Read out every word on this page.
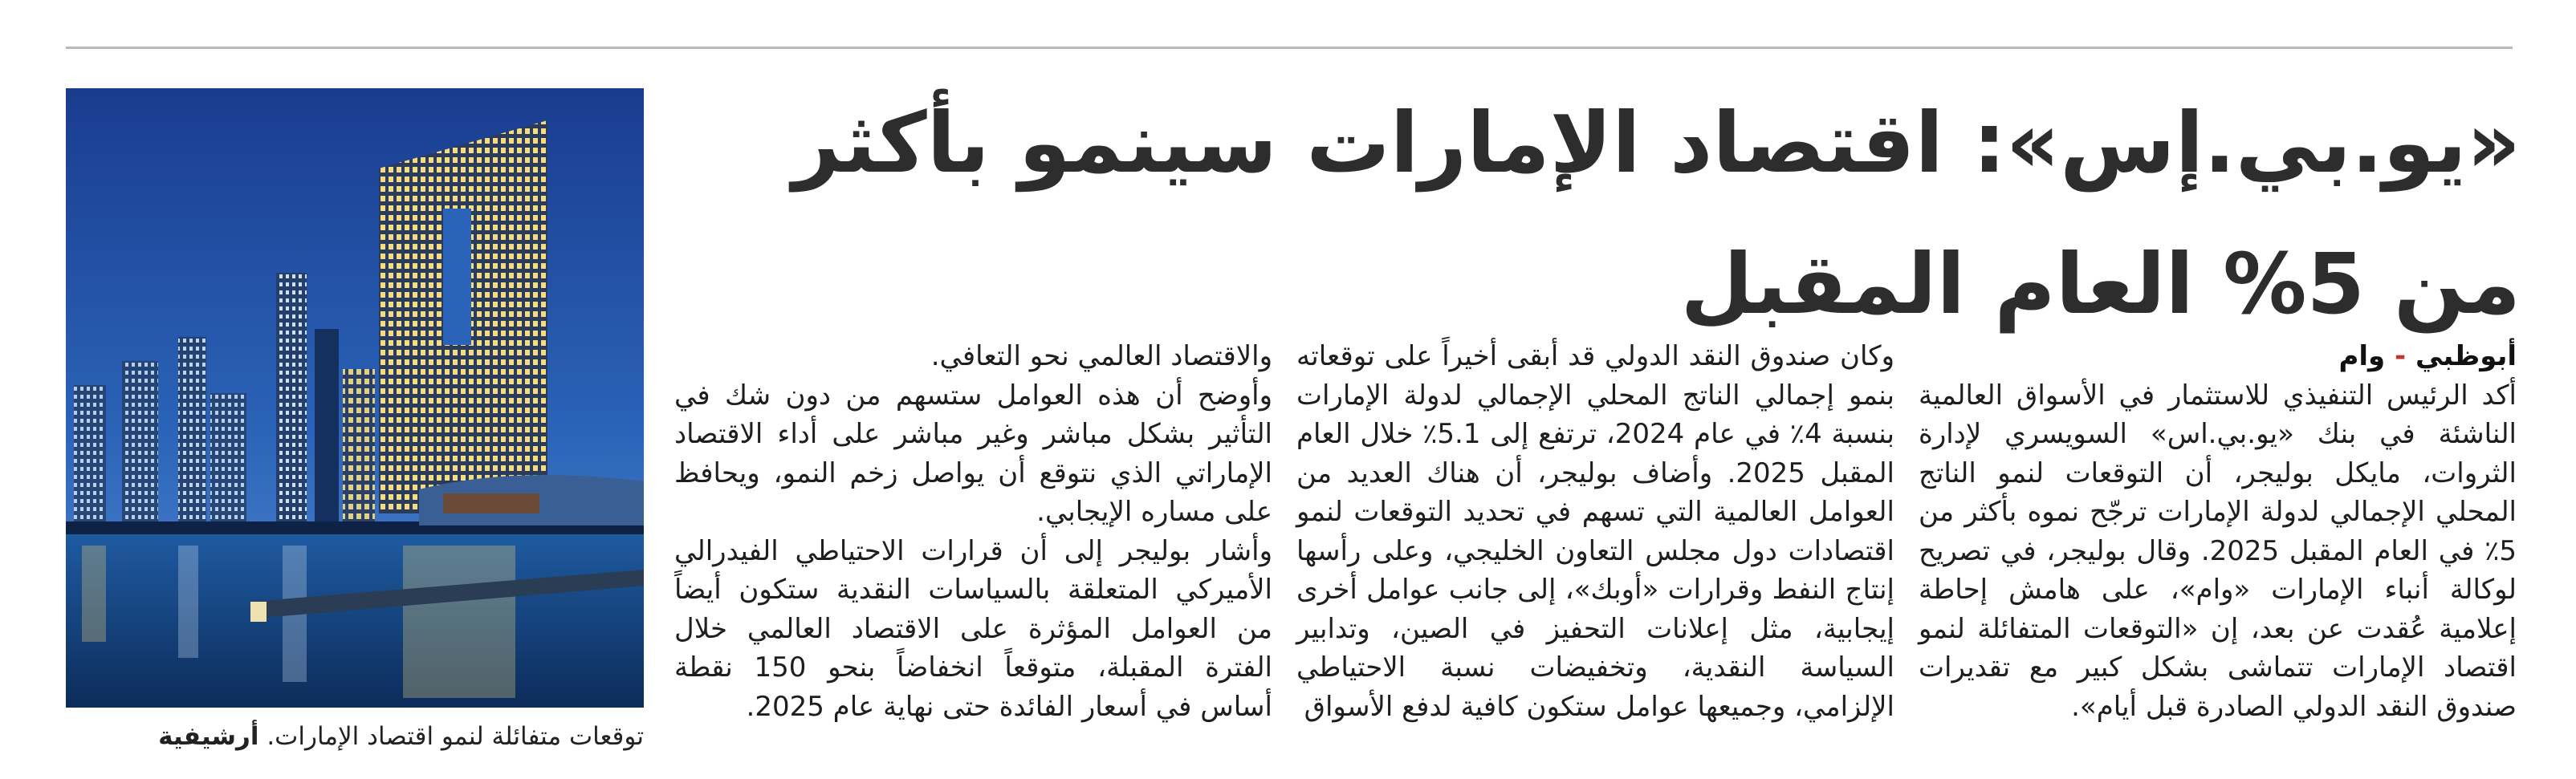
«يو.بي.إس»: اقتصاد الإمارات سينمو بأكثر
من 5% العام المقبل
أبوظبي - وام

أكد الرئيس التنفيذي للاستثمار في الأسواق العالمية الناشئة في بنك «يو.بي.اس» السويسري لإدارة الثروات، مايكل بوليجر، أن التوقعات لنمو الناتج المحلي الإجمالي لدولة الإمارات ترجّح نموه بأكثر من 5٪ في العام المقبل 2025. وقال بوليجر، في تصريح لوكالة أنباء الإمارات «وام»، على هامش إحاطة إعلامية عُقدت عن بعد، إن «التوقعات المتفائلة لنمو اقتصاد الإمارات تتماشى بشكل كبير مع تقديرات صندوق النقد الدولي الصادرة قبل أيام».

وكان صندوق النقد الدولي قد أبقى أخيراً على توقعاته بنمو إجمالي الناتج المحلي الإجمالي لدولة الإمارات بنسبة 4٪ في عام 2024، ترتفع إلى 5.1٪ خلال العام المقبل 2025. وأضاف بوليجر، أن هناك العديد من العوامل العالمية التي تسهم في تحديد التوقعات لنمو اقتصادات دول مجلس التعاون الخليجي، وعلى رأسها إنتاج النفط وقرارات «أوبك»، إلى جانب عوامل أخرى إيجابية، مثل إعلانات التحفيز في الصين، وتدابير السياسة النقدية، وتخفيضات نسبة الاحتياطي الإلزامي، وجميعها عوامل ستكون كافية لدفع الأسواق

والاقتصاد العالمي نحو التعافي.

وأوضح أن هذه العوامل ستسهم من دون شك في التأثير بشكل مباشر وغير مباشر على أداء الاقتصاد الإماراتي الذي نتوقع أن يواصل زخم النمو، ويحافظ على مساره الإيجابي.

وأشار بوليجر إلى أن قرارات الاحتياطي الفيدرالي الأميركي المتعلقة بالسياسات النقدية ستكون أيضاً من العوامل المؤثرة على الاقتصاد العالمي خلال الفترة المقبلة، متوقعاً انخفاضاً بنحو 150 نقطة أساس في أسعار الفائدة حتى نهاية عام 2025.

توقعات متفائلة لنمو اقتصاد الإمارات. أرشيفية
